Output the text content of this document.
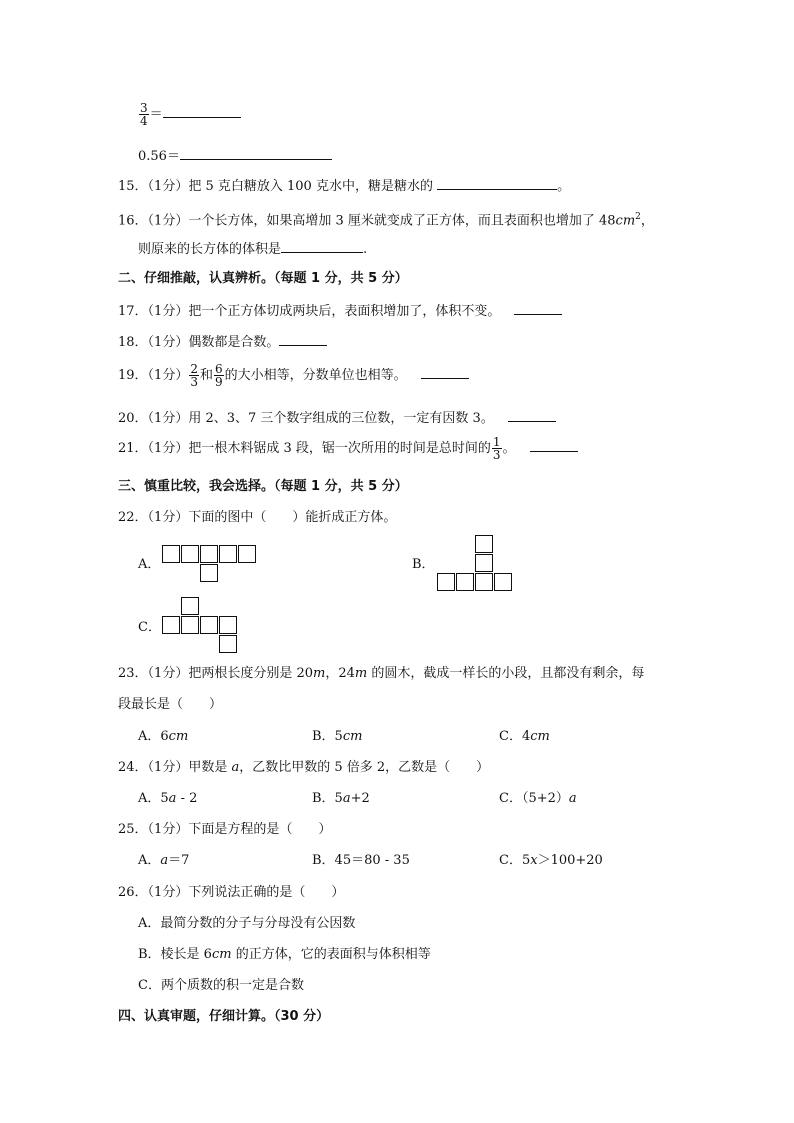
$\frac{3}{4}$ ＝
0.56＝
15．（1分）把 5 克白糖放入 100 克水中，糖是糖水的	。
16．（1分）一个长方体，如果高增加 3 厘米就变成了正方体，而且表面积也增加了 $48cm^2$，
则原来的长方体的体积是	.
二、仔细推敲，认真辨析。（每题 1 分，共 5 分）
17．（1分）把一个正方体切成两块后，表面积增加了，体积不变。
18．（1分）偶数都是合数。
19．（1分） $\frac{2}{3}$ 和 $\frac{6}{9}$ 的大小相等，分数单位也相等。
20．（1分）用 2、3、7 三个数字组成的三位数，一定有因数 3。
21．（1分）把一根木料锯成 3 段，锯一次所用的时间是总时间的 $\frac{1}{3}$ 。
三、慎重比较，我会选择。（每题 1 分，共 5 分）
22．（1分）下面的图中（　　）能折成正方体。
A．	B．
C．
23．（1分）把两根长度分别是 20m，24m 的圆木，截成一样长的小段，且都没有剩余，每
段最长是（　　）
A．6cm	B．5cm	C．4cm
24．（1分）甲数是 a，乙数比甲数的 5 倍多 2，乙数是（　　）
A．5a - 2	B．5a+2	C．（5+2）a
25．（1分）下面是方程的是（　　）
A．a＝7	B．45＝80 - 35	C．5x＞100+20
26．（1分）下列说法正确的是（　　）
A．最简分数的分子与分母没有公因数
B．棱长是 6cm 的正方体，它的表面积与体积相等
C．两个质数的积一定是合数
四、认真审题，仔细计算。（30 分）
